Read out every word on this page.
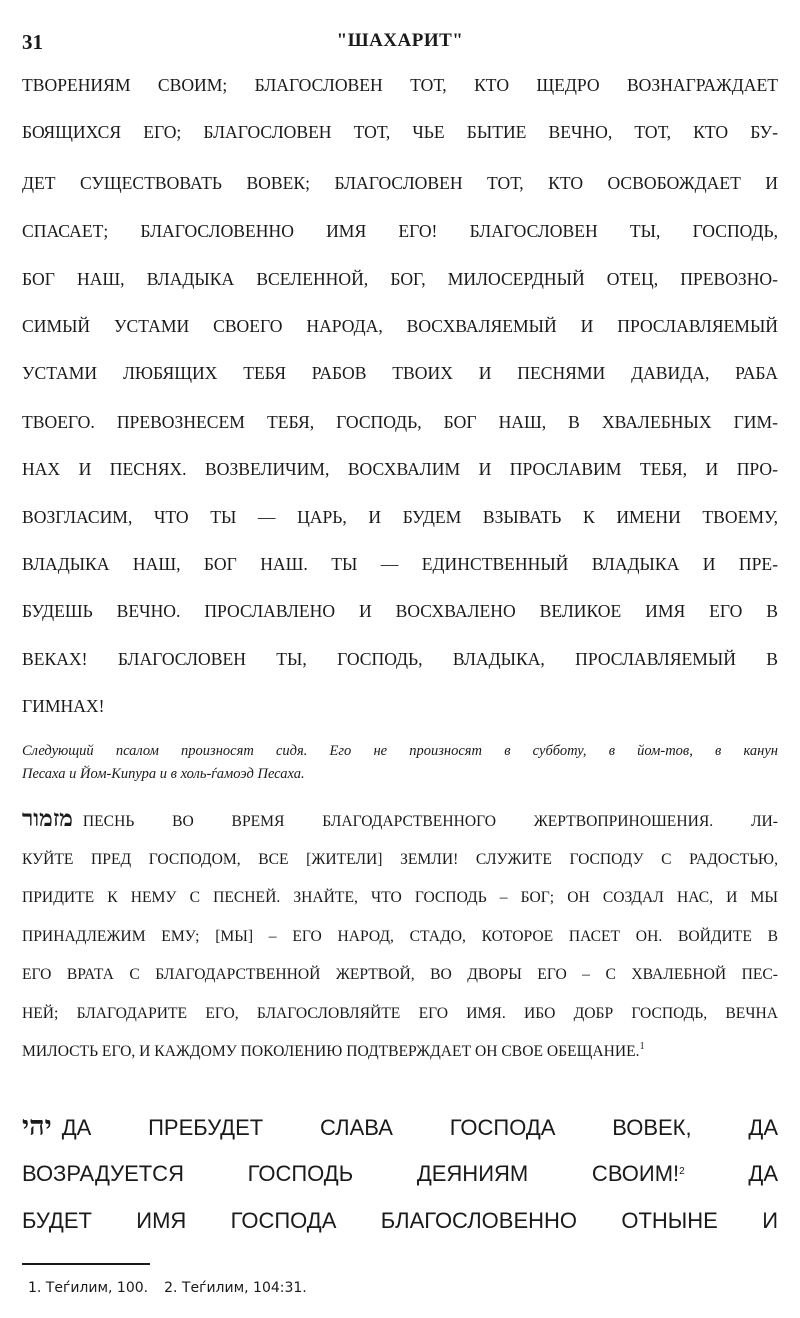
31	"ШАХАРИТ"
ТВОРЕНИЯМ СВОИМ; БЛАГОСЛОВЕН ТОТ, КТО ЩЕДРО ВОЗНАГРАЖДАЕТ
БОЯЩИХСЯ ЕГО; БЛАГОСЛОВЕН ТОТ, ЧЬЕ БЫТИЕ ВЕЧНО, ТОТ, КТО БУ-
ДЕТ СУЩЕСТВОВАТЬ ВОВЕК; БЛАГОСЛОВЕН ТОТ, КТО ОСВОБОЖДАЕТ И
СПАСАЕТ; БЛАГОСЛОВЕННО ИМЯ ЕГО! БЛАГОСЛОВЕН ТЫ, ГОСПОДЬ,
БОГ НАШ, ВЛАДЫКА ВСЕЛЕННОЙ, БОГ, МИЛОСЕРДНЫЙ ОТЕЦ, ПРЕВОЗНО-
СИМЫЙ УСТАМИ СВОЕГО НАРОДА, ВОСХВАЛЯЕМЫЙ И ПРОСЛАВЛЯЕМЫЙ
УСТАМИ ЛЮБЯЩИХ ТЕБЯ РАБОВ ТВОИХ И ПЕСНЯМИ ДАВИДА, РАБА
ТВОЕГО. ПРЕВОЗНЕСЕМ ТЕБЯ, ГОСПОДЬ, БОГ НАШ, В ХВАЛЕБНЫХ ГИМ-
НАХ И ПЕСНЯХ. ВОЗВЕЛИЧИМ, ВОСХВАЛИМ И ПРОСЛАВИМ ТЕБЯ, И ПРО-
ВОЗГЛАСИМ, ЧТО ТЫ — ЦАРЬ, И БУДЕМ ВЗЫВАТЬ К ИМЕНИ ТВОЕМУ,
ВЛАДЫКА НАШ, БОГ НАШ. ТЫ — ЕДИНСТВЕННЫЙ ВЛАДЫКА И ПРЕ-
БУДЕШЬ ВЕЧНО. ПРОСЛАВЛЕНО И ВОСХВАЛЕНО ВЕЛИКОЕ ИМЯ ЕГО В
ВЕКАХ! БЛАГОСЛОВЕН ТЫ, ГОСПОДЬ, ВЛАДЫКА, ПРОСЛАВЛЯЕМЫЙ В
ГИМНАХ!
Следующий псалом произносят сидя. Его не произносят в субботу, в йом-тов, в канун
Песаха и Йом-Кипура и в холь-ѓамоэд Песаха.
מזמור ПЕСНЬ ВО ВРЕМЯ БЛАГОДАРСТВЕННОГО ЖЕРТВОПРИНОШЕНИЯ. ЛИ-
КУЙТЕ ПРЕД ГОСПОДОМ, ВСЕ [ЖИТЕЛИ] ЗЕМЛИ! СЛУЖИТЕ ГОСПОДУ С РАДОСТЬЮ,
ПРИДИТЕ К НЕМУ С ПЕСНЕЙ. ЗНАЙТЕ, ЧТО ГОСПОДЬ – БОГ; ОН СОЗДАЛ НАС, И МЫ
ПРИНАДЛЕЖИМ ЕМУ; [МЫ] – ЕГО НАРОД, СТАДО, КОТОРОЕ ПАСЕТ ОН. ВОЙДИТЕ В
ЕГО ВРАТА С БЛАГОДАРСТВЕННОЙ ЖЕРТВОЙ, ВО ДВОРЫ ЕГО – С ХВАЛЕБНОЙ ПЕС-
НЕЙ; БЛАГОДАРИТЕ ЕГО, БЛАГОСЛОВЛЯЙТЕ ЕГО ИМЯ. ИБО ДОБР ГОСПОДЬ, ВЕЧНА
МИЛОСТЬ ЕГО, И КАЖДОМУ ПОКОЛЕНИЮ ПОДТВЕРЖДАЕТ ОН СВОЕ ОБЕЩАНИЕ.$^1$
יהי ДА ПРЕБУДЕТ СЛАВА ГОСПОДА ВОВЕК, ДА
ВОЗРАДУЕТСЯ ГОСПОДЬ ДЕЯНИЯМ СВОИМ!$^2$	ДА
БУДЕТ ИМЯ ГОСПОДА БЛАГОСЛОВЕННО ОТНЫНЕ И
1. Теѓилим, 100. 2. Теѓилим, 104:31.
